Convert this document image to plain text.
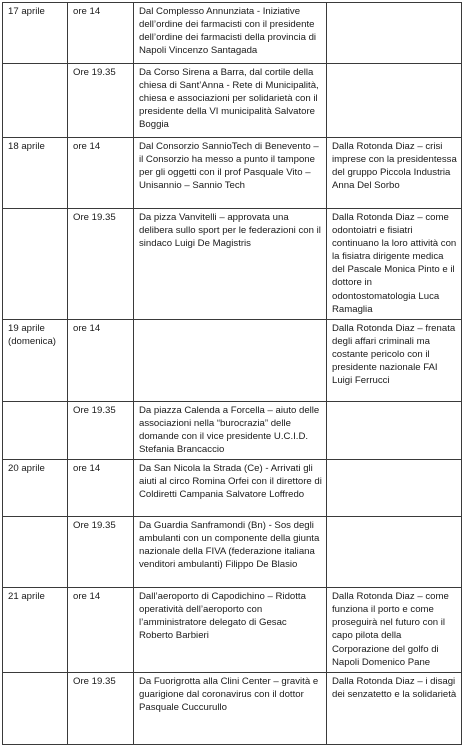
17 aprile	ore 14	Dal Complesso Annunziata - Iniziative dell’ordine dei farmacisti con il presidente dell’ordine dei farmacisti della provincia di Napoli Vincenzo Santagada	
	Ore 19.35	Da Corso Sirena a Barra, dal cortile della chiesa di Sant’Anna - Rete di Municipalità, chiesa e associazioni per solidarietà con il presidente della VI municipalità Salvatore Boggia	
18 aprile	ore 14	Dal Consorzio SannioTech di Benevento – il Consorzio ha messo a punto il tampone per gli oggetti con il prof Pasquale Vito – Unisannio – Sannio Tech	Dalla Rotonda Diaz – crisi imprese con la presidentessa del gruppo Piccola Industria Anna Del Sorbo
	Ore 19.35	Da pizza Vanvitelli – approvata una delibera sullo sport per le federazioni con il sindaco Luigi De Magistris	Dalla Rotonda Diaz – come odontoiatri e fisiatri continuano la loro attività con la fisiatra dirigente medica del Pascale Monica Pinto e il dottore in odontostomatologia Luca Ramaglia
19 aprile (domenica)	ore 14		Dalla Rotonda Diaz – frenata degli affari criminali ma costante pericolo con il presidente nazionale FAI Luigi Ferrucci
	Ore 19.35	Da piazza Calenda a Forcella – aiuto delle associazioni nella “burocrazia” delle domande con il vice presidente U.C.I.D. Stefania Brancaccio	
20 aprile	ore 14	Da San Nicola la Strada (Ce) - Arrivati gli aiuti al circo Romina Orfei con il direttore di Coldiretti Campania Salvatore Loffredo	
	Ore 19.35	Da Guardia Sanframondi (Bn) - Sos degli ambulanti con un componente della giunta nazionale della FIVA (federazione italiana venditori ambulanti) Filippo De Blasio	
21 aprile	ore 14	Dall’aeroporto di Capodichino – Ridotta operatività dell’aeroporto con l’amministratore delegato di Gesac Roberto Barbieri	Dalla Rotonda Diaz – come funziona il porto e come proseguirà nel futuro con il capo pilota della Corporazione del golfo di Napoli Domenico Pane
	Ore 19.35	Da Fuorigrotta alla Clini Center – gravità e guarigione dal coronavirus con il dottor Pasquale Cuccurullo	Dalla Rotonda Diaz – i disagi dei senzatetto e la solidarietà
